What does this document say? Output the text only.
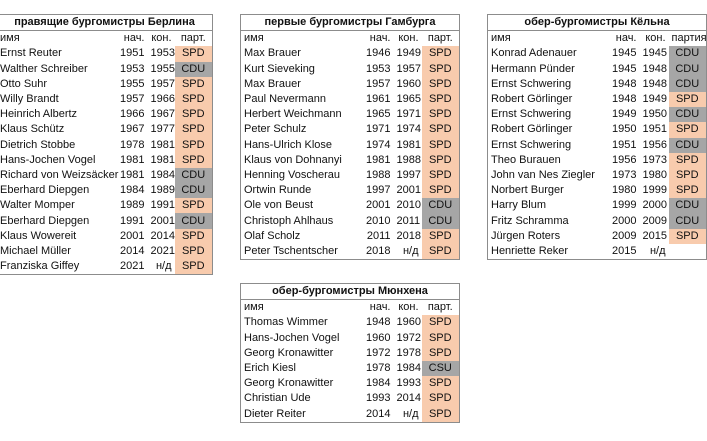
правящие бургомистры Берлина			
имя	нач.	кон.	парт.
Ernst Reuter	1951	1953	SPD
Walther Schreiber	1953	1955	CDU
Otto Suhr	1955	1957	SPD
Willy Brandt	1957	1966	SPD
Heinrich Albertz	1966	1967	SPD
Klaus Schütz	1967	1977	SPD
Dietrich Stobbe	1978	1981	SPD
Hans-Jochen Vogel	1981	1981	SPD
Richard von Weizsäcker	1981	1984	CDU
Eberhard Diepgen	1984	1989	CDU
Walter Momper	1989	1991	SPD
Eberhard Diepgen	1991	2001	CDU
Klaus Wowereit	2001	2014	SPD
Michael Müller	2014	2021	SPD
Franziska Giffey	2021	н/д	SPD
первые бургомистры Гамбурга			
имя	нач.	кон.	парт.
Max Brauer	1946	1949	SPD
Kurt Sieveking	1953	1957	SPD
Max Brauer	1957	1960	SPD
Paul Nevermann	1961	1965	SPD
Herbert Weichmann	1965	1971	SPD
Peter Schulz	1971	1974	SPD
Hans-Ulrich Klose	1974	1981	SPD
Klaus von Dohnanyi	1981	1988	SPD
Henning Voscherau	1988	1997	SPD
Ortwin Runde	1997	2001	SPD
Ole von Beust	2001	2010	CDU
Christoph Ahlhaus	2010	2011	CDU
Olaf Scholz	2011	2018	SPD
Peter Tschentscher	2018	н/д	SPD
обер-бургомистры Кёльна			
имя	нач.	кон.	партия
Konrad Adenauer	1945	1945	CDU
Hermann Pünder	1945	1948	CDU
Ernst Schwering	1948	1948	CDU
Robert Görlinger	1948	1949	SPD
Ernst Schwering	1949	1950	CDU
Robert Görlinger	1950	1951	SPD
Ernst Schwering	1951	1956	CDU
Theo Burauen	1956	1973	SPD
John van Nes Ziegler	1973	1980	SPD
Norbert Burger	1980	1999	SPD
Harry Blum	1999	2000	CDU
Fritz Schramma	2000	2009	CDU
Jürgen Roters	2009	2015	SPD
Henriette Reker	2015	н/д	
обер-бургомистры Мюнхена			
имя	нач.	кон.	парт.
Thomas Wimmer	1948	1960	SPD
Hans-Jochen Vogel	1960	1972	SPD
Georg Kronawitter	1972	1978	SPD
Erich Kiesl	1978	1984	CSU
Georg Kronawitter	1984	1993	SPD
Christian Ude	1993	2014	SPD
Dieter Reiter	2014	н/д	SPD
